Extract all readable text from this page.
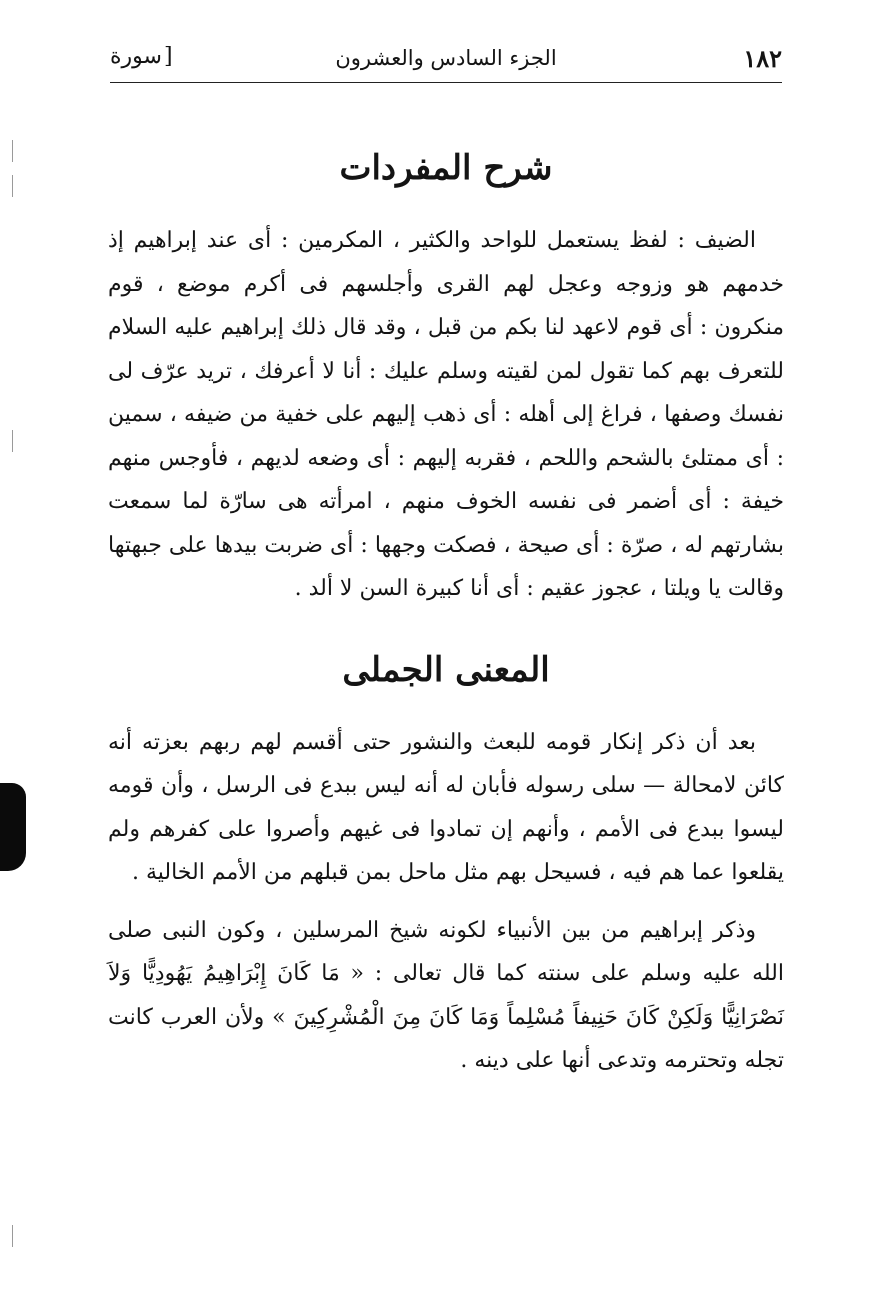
١٨٢
الجزء السادس والعشرون
[سورة
شرح المفردات

الضيف : لفظ يستعمل للواحد والكثير ، المكرمين : أى عند إبراهيم إذ خدمهم هو وزوجه وعجل لهم القرى وأجلسهم فى أكرم موضع ، قوم منكرون : أى قوم لاعهد لنا بكم من قبل ، وقد قال ذلك إبراهيم عليه السلام للتعرف بهم كما تقول لمن لقيته وسلم عليك : أنا لا أعرفك ، تريد عرّف لى نفسك وصفها ، فراغ إلى أهله : أى ذهب إليهم على خفية من ضيفه ، سمين : أى ممتلئ بالشحم واللحم ، فقربه إليهم : أى وضعه لديهم ، فأوجس منهم خيفة : أى أضمر فى نفسه الخوف منهم ، امرأته هى سارّة لما سمعت بشارتهم له ، صرّة : أى صيحة ، فصكت وجهها : أى ضربت بيدها على جبهتها وقالت يا ويلتا ، عجوز عقيم : أى أنا كبيرة السن لا ألد .

المعنى الجملى

بعد أن ذكر إنكار قومه للبعث والنشور حتى أقسم لهم ربهم بعزته أنه كائن لامحالة — سلى رسوله فأبان له أنه ليس ببدع فى الرسل ، وأن قومه ليسوا ببدع فى الأمم ، وأنهم إن تمادوا فى غيهم وأصروا على كفرهم ولم يقلعوا عما هم فيه ، فسيحل بهم مثل ماحل بمن قبلهم من الأمم الخالية .

وذكر إبراهيم من بين الأنبياء لكونه شيخ المرسلين ، وكون النبى صلى الله عليه وسلم على سنته كما قال تعالى : « مَا كَانَ إِبْرَاهِيمُ يَهُودِيًّا وَلاَ نَصْرَانِيًّا وَلَكِنْ كَانَ حَنِيفاً مُسْلِماً وَمَا كَانَ مِنَ الْمُشْرِكِينَ » ولأن العرب كانت تجله وتحترمه وتدعى أنها على دينه .
